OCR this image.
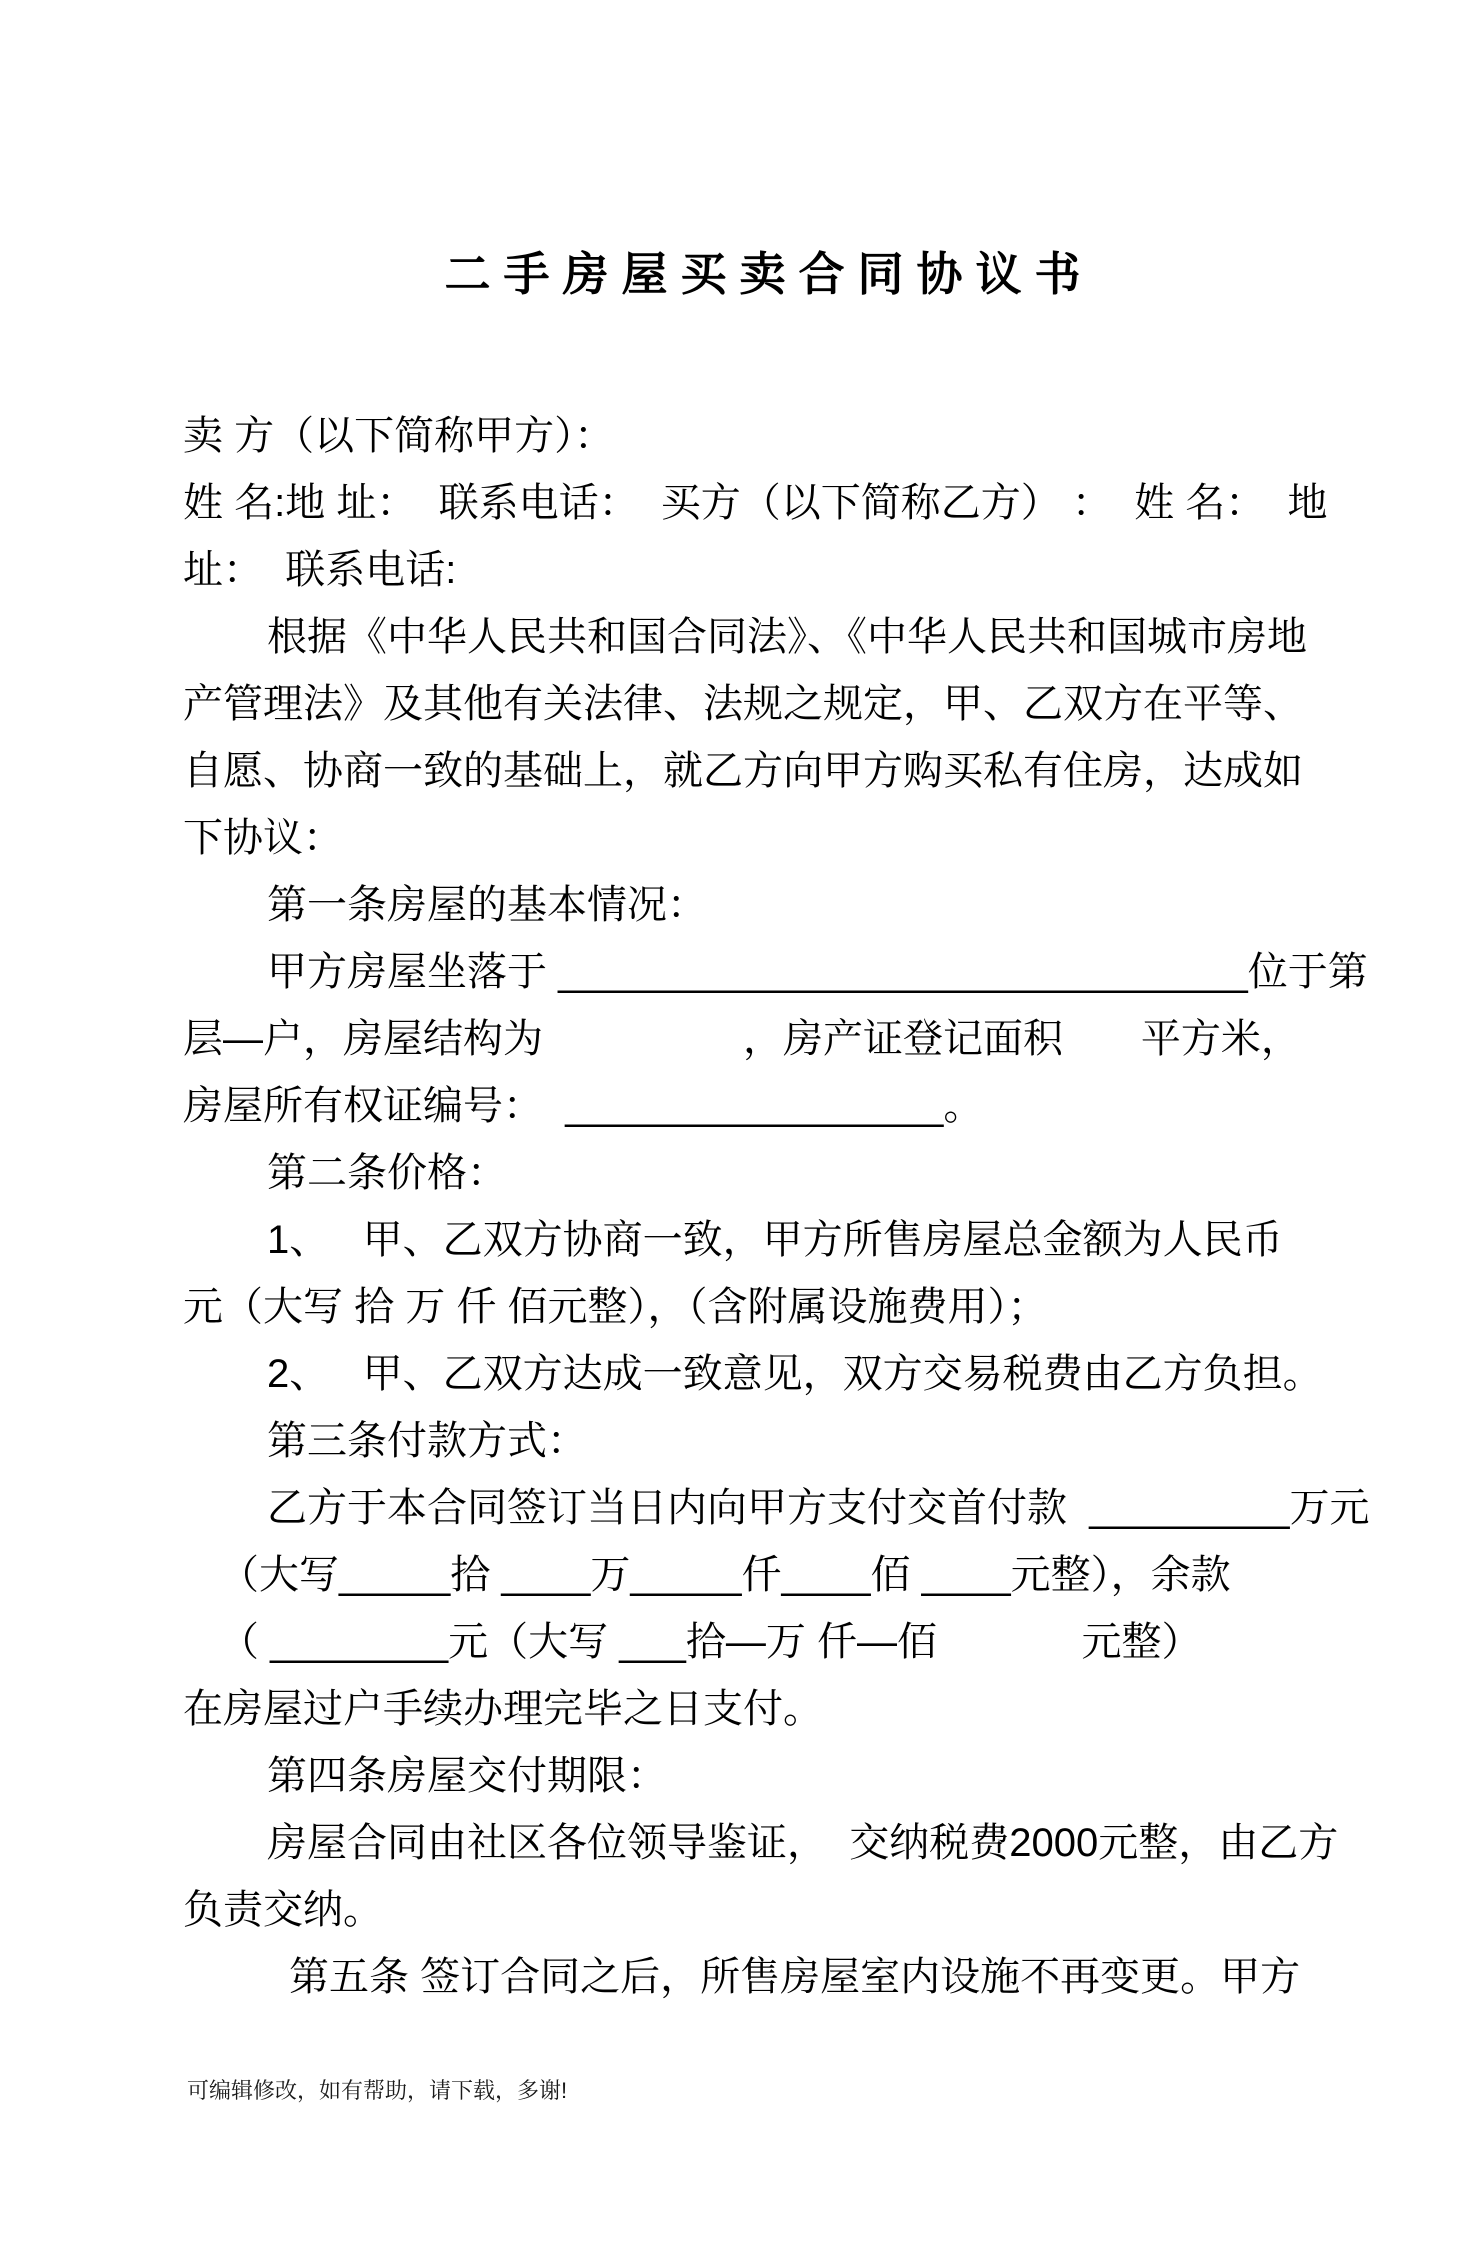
二手房屋买卖合同协议书
卖 方（以下简称甲方）：
姓 名:地 址：  联系电话：  买方（以下简称乙方） ：  姓 名：  地
址：  联系电话:
根据《中华人民共和国合同法》、《中华人民共和国城市房地
产管理法》及其他有关法律、法规之规定，甲、乙双方在平等、
自愿、协商一致的基础上，就乙方向甲方购买私有住房，达成如
下协议：
第一条房屋的基本情况：
甲方房屋坐落于 _______________________________位于第
层—户，房屋结构为                  ，房产证登记面积       平方米，
房屋所有权证编号：  _________________。
第二条价格：
1、   甲、乙双方协商一致，甲方所售房屋总金额为人民币
元（大写 拾 万 仟 佰元整），（含附属设施费用）；
2、   甲、乙双方达成一致意见，双方交易税费由乙方负担。
第三条付款方式：
乙方于本合同签订当日内向甲方支付交首付款  _________万元
（大写_____拾 ____万_____仟____佰 ____元整），余款
（ ________元（大写 ___拾—万 仟—佰             元整）
在房屋过户手续办理完毕之日支付。
第四条房屋交付期限：
房屋合同由社区各位领导鉴证，  交纳税费2000元整，由乙方
负责交纳。
第五条 签订合同之后，所售房屋室内设施不再变更。甲方
可编辑修改，如有帮助，请下载，多谢!
